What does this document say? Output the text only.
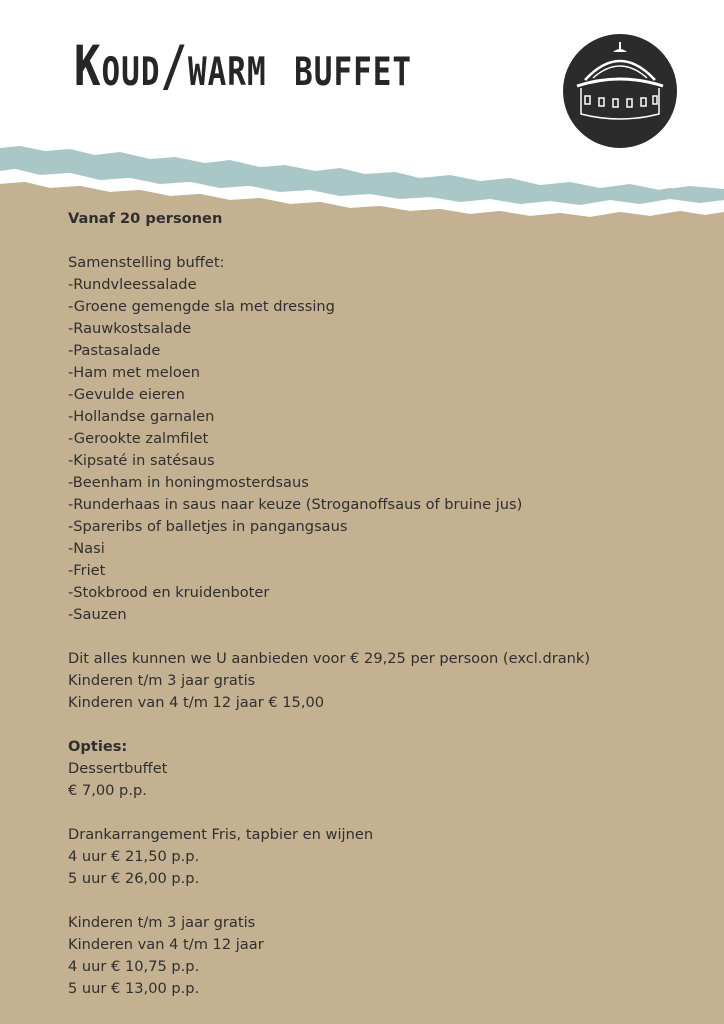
Koud/warm buffet

Vanaf 20 personen

Samenstelling buffet:

-Rundvleessalade

-Groene gemengde sla met dressing

-Rauwkostsalade

-Pastasalade

-Ham met meloen

-Gevulde eieren

-Hollandse garnalen

-Gerookte zalmfilet

-Kipsaté in satésaus

-Beenham in honingmosterdsaus

-Runderhaas in saus naar keuze (Stroganoffsaus of bruine jus)

-Spareribs of balletjes in pangangsaus

-Nasi

-Friet

-Stokbrood en kruidenboter

-Sauzen

Dit alles kunnen we U aanbieden voor € 29,25 per persoon (excl.drank)

Kinderen t/m 3 jaar gratis

Kinderen van 4 t/m 12 jaar € 15,00

Opties:

Dessertbuffet

€ 7,00 p.p.

Drankarrangement Fris, tapbier en wijnen

4 uur € 21,50 p.p.

5 uur € 26,00 p.p.

Kinderen t/m 3 jaar gratis

Kinderen van 4 t/m 12 jaar

4 uur € 10,75 p.p.

5 uur € 13,00 p.p.
